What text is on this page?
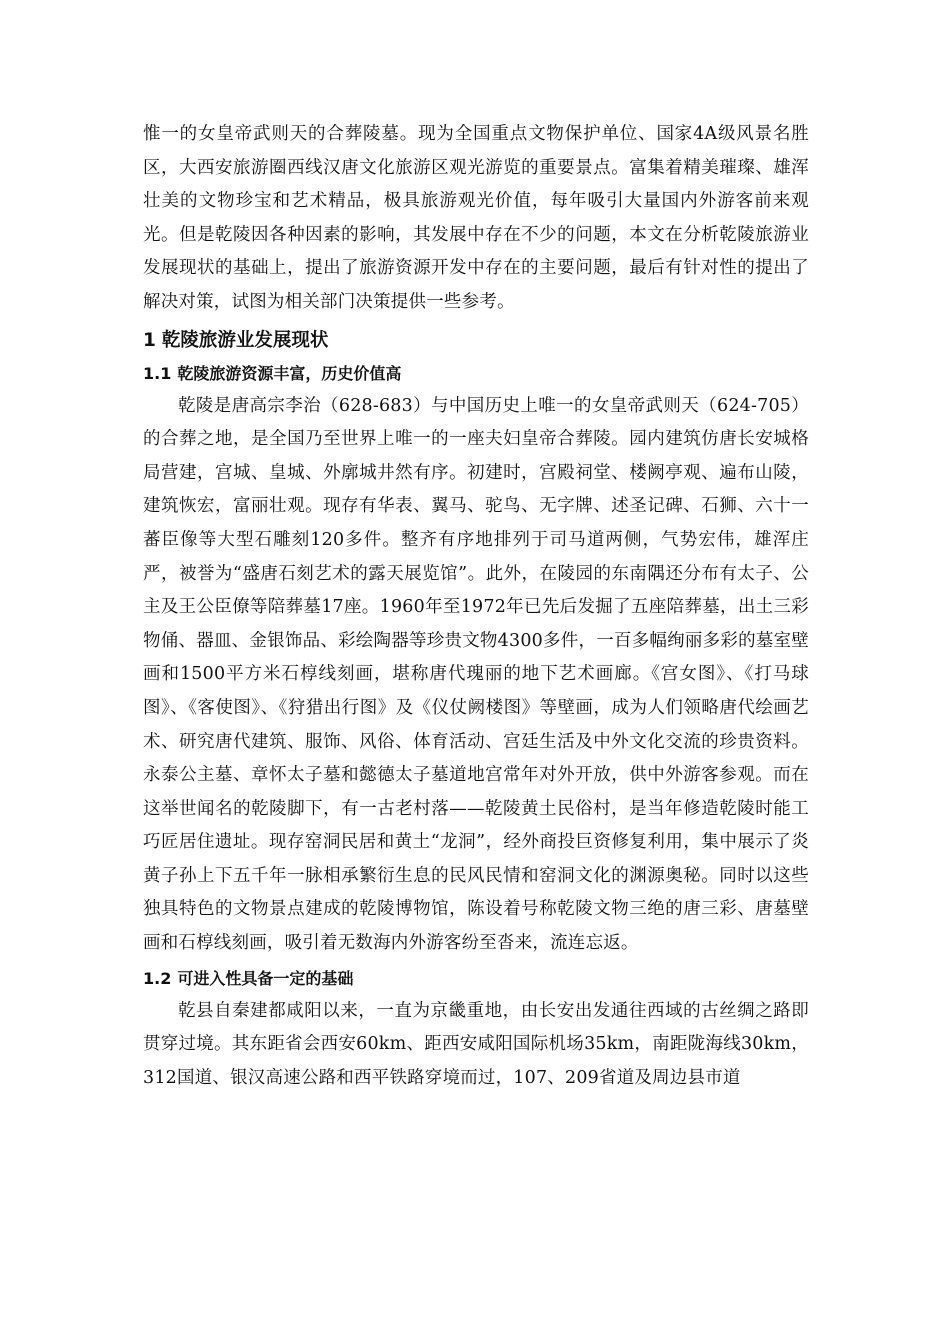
惟一的女皇帝武则天的合葬陵墓。现为全国重点文物保护单位、国家4A级风景名胜区，大西安旅游圈西线汉唐文化旅游区观光游览的重要景点。富集着精美璀璨、雄浑壮美的文物珍宝和艺术精品，极具旅游观光价值，每年吸引大量国内外游客前来观光。但是乾陵因各种因素的影响，其发展中存在不少的问题，本文在分析乾陵旅游业发展现状的基础上，提出了旅游资源开发中存在的主要问题，最后有针对性的提出了解决对策，试图为相关部门决策提供一些参考。

1 乾陵旅游业发展现状
1.1 乾陵旅游资源丰富，历史价值高

乾陵是唐高宗李治（628-683）与中国历史上唯一的女皇帝武则天（624-705）的合葬之地，是全国乃至世界上唯一的一座夫妇皇帝合葬陵。园内建筑仿唐长安城格局营建，宫城、皇城、外廓城井然有序。初建时，宫殿祠堂、楼阙亭观、遍布山陵，建筑恢宏，富丽壮观。现存有华表、翼马、驼鸟、无字牌、述圣记碑、石狮、六十一蕃臣像等大型石雕刻120多件。整齐有序地排列于司马道两侧，气势宏伟，雄浑庄严，被誉为“盛唐石刻艺术的露天展览馆”。此外，在陵园的东南隅还分布有太子、公主及王公臣僚等陪葬墓17座。1960年至1972年已先后发掘了五座陪葬墓，出土三彩物俑、器皿、金银饰品、彩绘陶器等珍贵文物4300多件，一百多幅绚丽多彩的墓室壁画和1500平方米石椁线刻画，堪称唐代瑰丽的地下艺术画廊。《宫女图》、《打马球图》、《客使图》、《狩猎出行图》及《仪仗阙楼图》等壁画，成为人们领略唐代绘画艺术、研究唐代建筑、服饰、风俗、体育活动、宫廷生活及中外文化交流的珍贵资料。永泰公主墓、章怀太子墓和懿德太子墓道地宫常年对外开放，供中外游客参观。而在这举世闻名的乾陵脚下，有一古老村落——乾陵黄土民俗村，是当年修造乾陵时能工巧匠居住遗址。现存窑洞民居和黄土“龙洞”，经外商投巨资修复利用，集中展示了炎黄子孙上下五千年一脉相承繁衍生息的民风民情和窑洞文化的渊源奥秘。同时以这些独具特色的文物景点建成的乾陵博物馆，陈设着号称乾陵文物三绝的唐三彩、唐墓壁画和石椁线刻画，吸引着无数海内外游客纷至沓来，流连忘返。

1.2 可进入性具备一定的基础

乾县自秦建都咸阳以来，一直为京畿重地，由长安出发通往西域的古丝绸之路即贯穿过境。其东距省会西安60km、距西安咸阳国际机场35km，南距陇海线30km，312国道、银汉高速公路和西平铁路穿境而过，107、209省道及周边县市道
